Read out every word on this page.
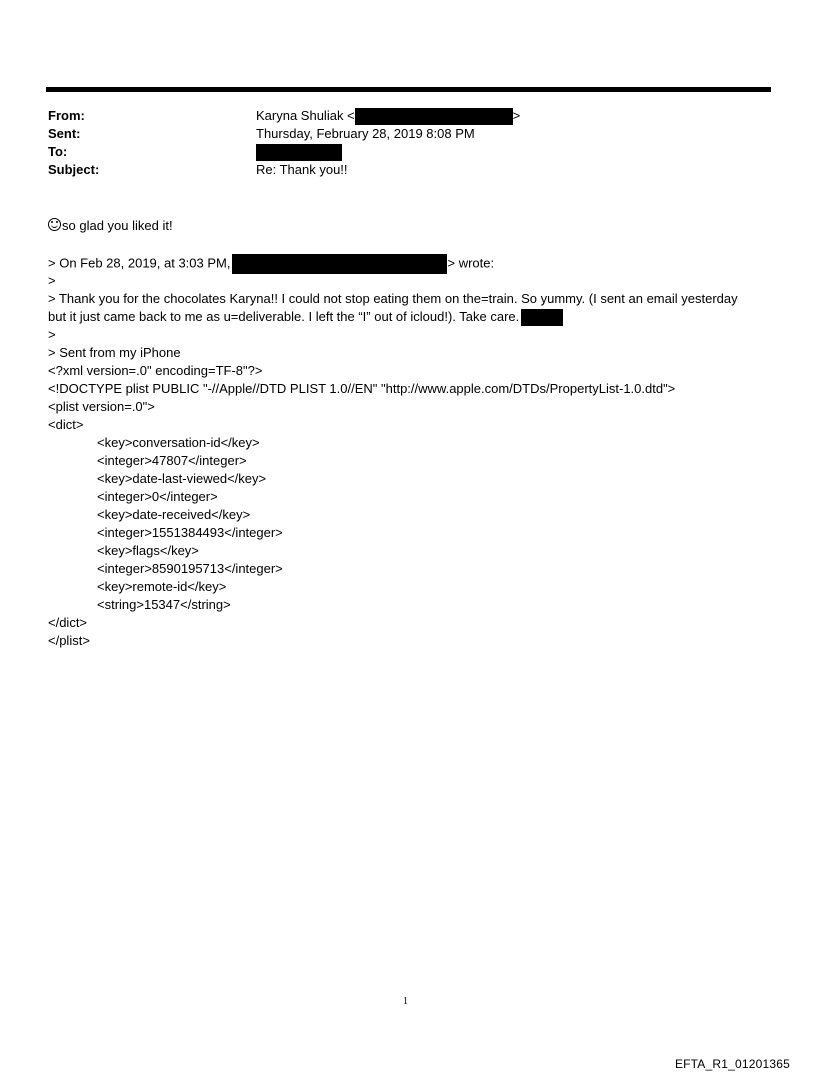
From:	Karyna Shuliak <	>
Sent:	Thursday, February 28, 2019 8:08 PM
To:
Subject:	Re: Thank you!!
so glad you liked it!
> On Feb 28, 2019, at 3:03 PM,	> wrote:
>
> Thank you for the chocolates Karyna!! I could not stop eating them on the=train. So yummy. (I sent an email yesterday
but it just came back to me as u=deliverable. I left the “I” out of icloud!). Take care.
>
> Sent from my iPhone
<?xml version=.0" encoding=TF-8"?>
<!DOCTYPE plist PUBLIC "-//Apple//DTD PLIST 1.0//EN" "http://www.apple.com/DTDs/PropertyList-1.0.dtd">
<plist version=.0">
<dict>
<key>conversation-id</key>
<integer>47807</integer>
<key>date-last-viewed</key>
<integer>0</integer>
<key>date-received</key>
<integer>1551384493</integer>
<key>flags</key>
<integer>8590195713</integer>
<key>remote-id</key>
<string>15347</string>
</dict>
</plist>
1
EFTA_R1_01201365
